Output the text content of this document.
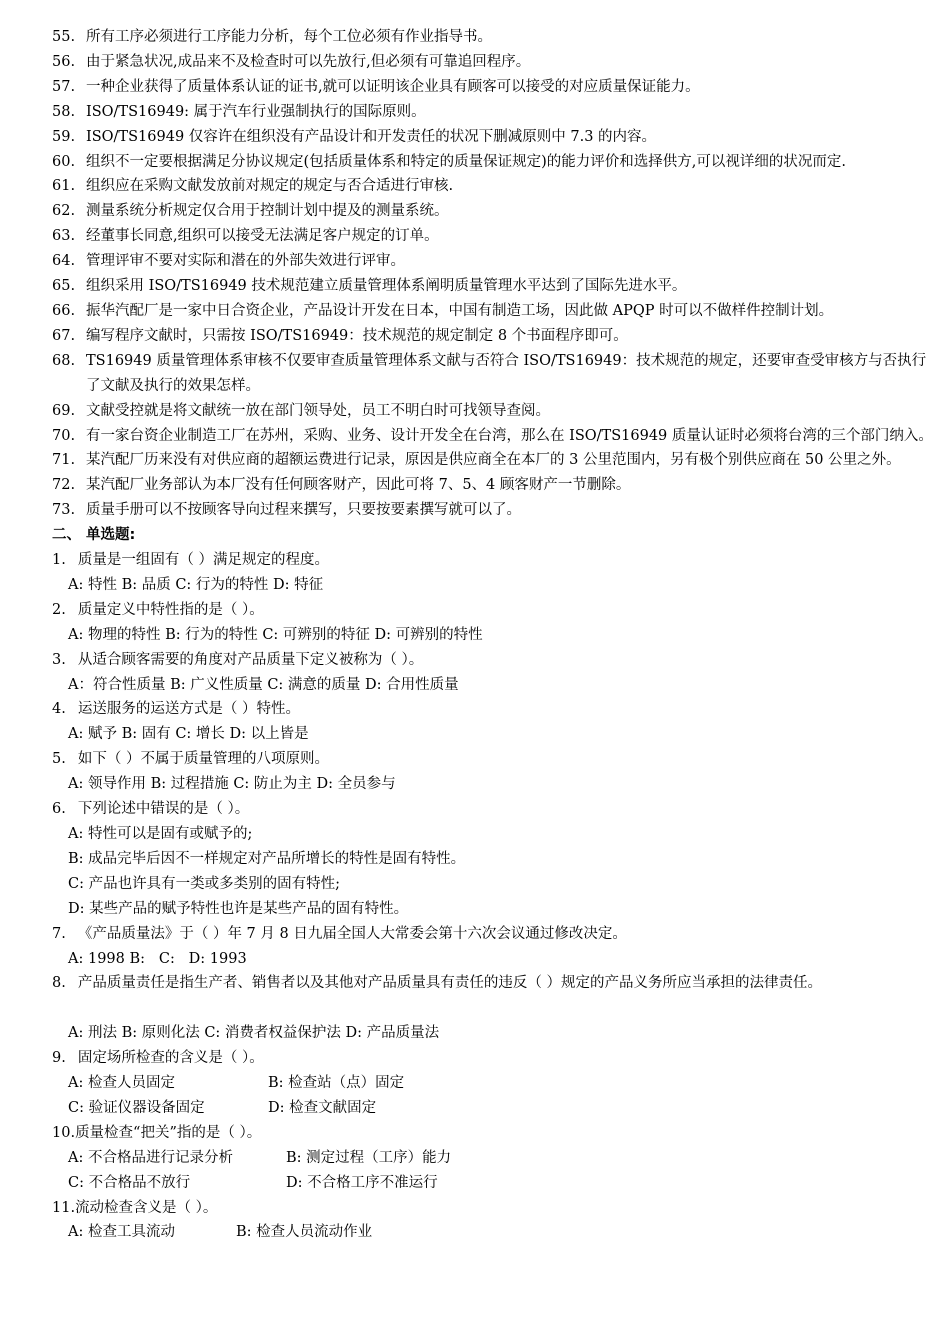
55. 所有工序必须进行工序能力分析，每个工位必须有作业指导书。
56. 由于紧急状况,成品来不及检查时可以先放行,但必须有可靠追回程序。
57. 一种企业获得了质量体系认证的证书,就可以证明该企业具有顾客可以接受的对应质量保证能力。
58. ISO/TS16949: 属于汽车行业强制执行的国际原则。
59. ISO/TS16949 仅容许在组织没有产品设计和开发责任的状况下删减原则中 7.3 的内容。
60. 组织不一定要根据满足分协议规定(包括质量体系和特定的质量保证规定)的能力评价和选择供方,可以视详细的状况而定.
61. 组织应在采购文献发放前对规定的规定与否合适进行审核.
62. 测量系统分析规定仅合用于控制计划中提及的测量系统。
63. 经董事长同意,组织可以接受无法满足客户规定的订单。
64. 管理评审不要对实际和潜在的外部失效进行评审。
65. 组织采用 ISO/TS16949 技术规范建立质量管理体系阐明质量管理水平达到了国际先进水平。
66. 振华汽配厂是一家中日合资企业，产品设计开发在日本，中国有制造工场，因此做 APQP 时可以不做样件控制计划。
67. 编写程序文献时，只需按 ISO/TS16949：技术规范的规定制定 8 个书面程序即可。
68. TS16949 质量管理体系审核不仅要审查质量管理体系文献与否符合 ISO/TS16949：技术规范的规定，还要审查受审核方与否执行了文献及执行的效果怎样。
69. 文献受控就是将文献统一放在部门领导处，员工不明白时可找领导查阅。
70. 有一家台资企业制造工厂在苏州，采购、业务、设计开发全在台湾，那么在 ISO/TS16949 质量认证时必须将台湾的三个部门纳入。
71. 某汽配厂历来没有对供应商的超额运费进行记录，原因是供应商全在本厂的 3 公里范围内，另有极个别供应商在 50 公里之外。
72. 某汽配厂业务部认为本厂没有任何顾客财产，因此可将 7、5、4 顾客财产一节删除。
73. 质量手册可以不按顾客导向过程来撰写，只要按要素撰写就可以了。
二、 单选题:
1. 质量是一组固有（ ）满足规定的程度。
A: 特性 B: 品质 C: 行为的特性 D: 特征
2. 质量定义中特性指的是（ ）。
A: 物理的特性 B: 行为的特性 C: 可辨别的特征 D: 可辨别的特性
3. 从适合顾客需要的角度对产品质量下定义被称为（ ）。
A：符合性质量 B: 广义性质量 C: 满意的质量 D: 合用性质量
4. 运送服务的运送方式是（ ）特性。
A: 赋予 B: 固有 C: 增长 D: 以上皆是
5. 如下（ ）不属于质量管理的八项原则。
A: 领导作用 B: 过程措施 C: 防止为主 D: 全员参与
6. 下列论述中错误的是（ ）。
A: 特性可以是固有或赋予的;
B: 成品完毕后因不一样规定对产品所增长的特性是固有特性。
C: 产品也许具有一类或多类别的固有特性;
D: 某些产品的赋予特性也许是某些产品的固有特性。
7. 《产品质量法》于（ ）年 7 月 8 日九届全国人大常委会第十六次会议通过修改决定。
A: 1998 B:   C:   D: 1993
8. 产品质量责任是指生产者、销售者以及其他对产品质量具有责任的违反（ ）规定的产品义务所应当承担的法律责任。
A: 刑法 B: 原则化法 C: 消费者权益保护法 D: 产品质量法
9. 固定场所检查的含义是（ ）。
A: 检查人员固定	B: 检查站（点）固定
C: 验证仪器设备固定	D: 检查文献固定
10. 质量检查“把关”指的是（ ）。
A: 不合格品进行记录分析	B: 测定过程（工序）能力
C: 不合格品不放行	D: 不合格工序不准运行
11. 流动检查含义是（ ）。
A: 检查工具流动	B: 检查人员流动作业
